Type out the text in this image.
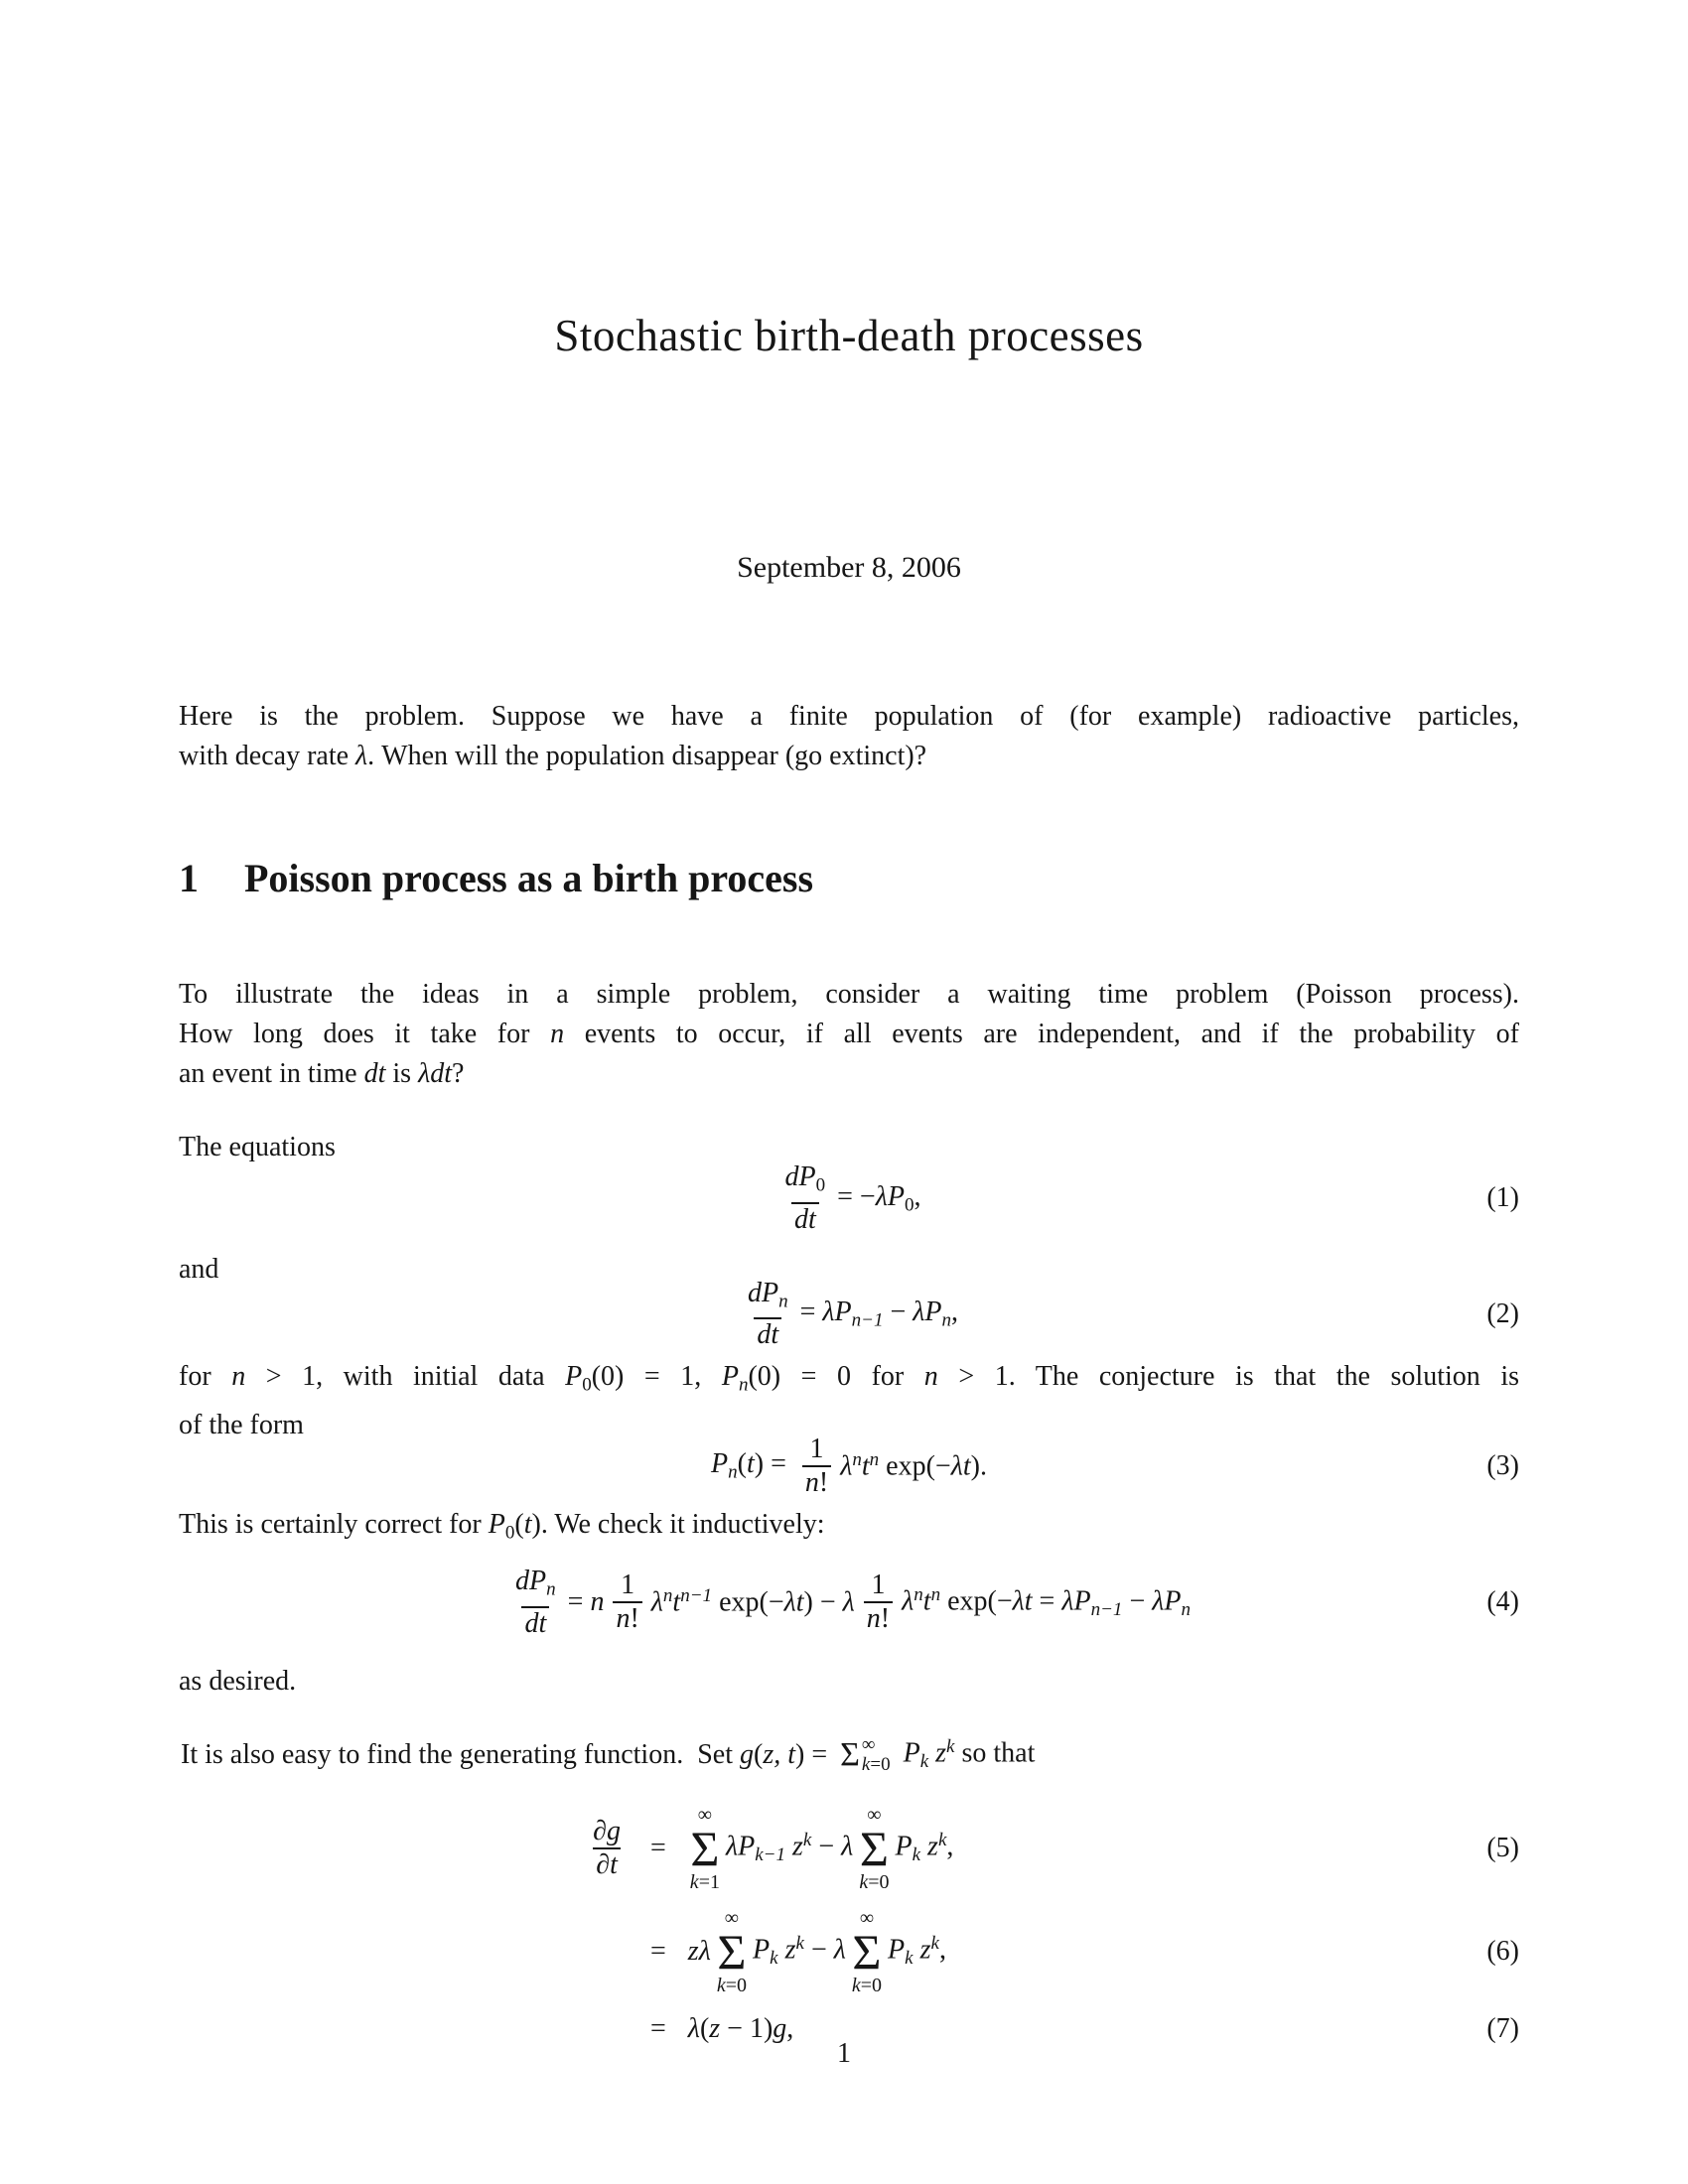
Stochastic birth-death processes
September 8, 2006
Here is the problem. Suppose we have a finite population of (for example) radioactive particles,
with decay rate λ. When will the population disappear (go extinct)?
1 Poisson process as a birth process
To illustrate the ideas in a simple problem, consider a waiting time problem (Poisson process).
How long does it take for n events to occur, if all events are independent, and if the probability of
an event in time dt is λdt?
The equations
$\frac{dP_0}{dt} = -\lambda P_0$,	(1)
and
$\frac{dP_n}{dt} = \lambda P_{n-1} - \lambda P_n$,	(2)
for n > 1, with initial data $P_0(0) = 1$, $P_n(0) = 0$ for n > 1. The conjecture is that the solution is
of the form
$P_n(t) = \frac{1}{n!} \lambda^nt^n$ exp(−λt).	(3)
This is certainly correct for $P_0(t)$. We check it inductively:
$\frac{dP_n}{dt} = n \frac{1}{n!} \lambda^nt^{n-1}$ exp(−λt) − λ $\frac{1}{n!} \lambda^nt^n$ $\exp(-\lambda t = \lambda P_{n-1} - \lambda P_n$	(4)
as desired.
It is also easy to find the generating function.  Set g(z, t) = Σ ∞
k=0 $P_k$ $z^k$ so that
$\frac{\partial g}{\partial t}$ =
∞
Σ
k=1
$\lambda P_{k-1}$ $z^k - \lambda$
∞
Σ
k=0
$P_k$ $z^k$,	(5)
= zλ
∞
Σ
k=0
$P_k$ $z^k - \lambda$
∞
Σ
k=0
$P_k$ $z^k$,	(6)
= λ(z − 1)g,	(7)
1
